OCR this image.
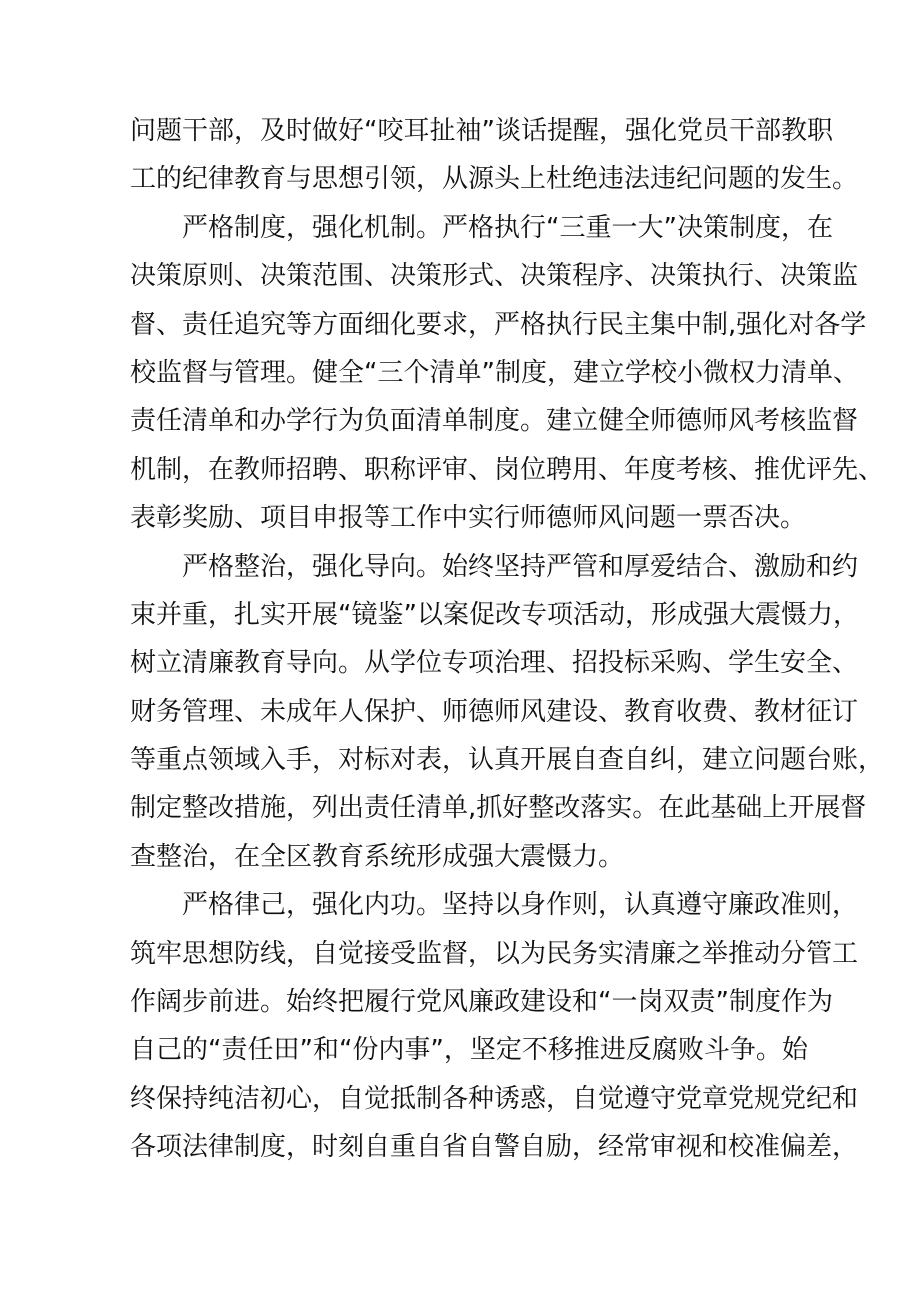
问题干部，及时做好“咬耳扯袖”谈话提醒，强化党员干部教职
工的纪律教育与思想引领，从源头上杜绝违法违纪问题的发生。

严格制度，强化机制。严格执行“三重一大”决策制度，在
决策原则、决策范围、决策形式、决策程序、决策执行、决策监
督、责任追究等方面细化要求，严格执行民主集中制,强化对各学
校监督与管理。健全“三个清单”制度，建立学校小微权力清单、
责任清单和办学行为负面清单制度。建立健全师德师风考核监督
机制，在教师招聘、职称评审、岗位聘用、年度考核、推优评先、
表彰奖励、项目申报等工作中实行师德师风问题一票否决。

严格整治，强化导向。始终坚持严管和厚爱结合、激励和约
束并重，扎实开展“镜鉴”以案促改专项活动，形成强大震慑力，
树立清廉教育导向。从学位专项治理、招投标采购、学生安全、
财务管理、未成年人保护、师德师风建设、教育收费、教材征订
等重点领域入手，对标对表，认真开展自查自纠，建立问题台账，
制定整改措施，列出责任清单,抓好整改落实。在此基础上开展督
查整治，在全区教育系统形成强大震慑力。

严格律己，强化内功。坚持以身作则，认真遵守廉政准则，
筑牢思想防线，自觉接受监督，以为民务实清廉之举推动分管工
作阔步前进。始终把履行党风廉政建设和“一岗双责”制度作为
自己的“责任田”和“份内事”，坚定不移推进反腐败斗争。始
终保持纯洁初心，自觉抵制各种诱惑，自觉遵守党章党规党纪和
各项法律制度，时刻自重自省自警自励，经常审视和校准偏差，
